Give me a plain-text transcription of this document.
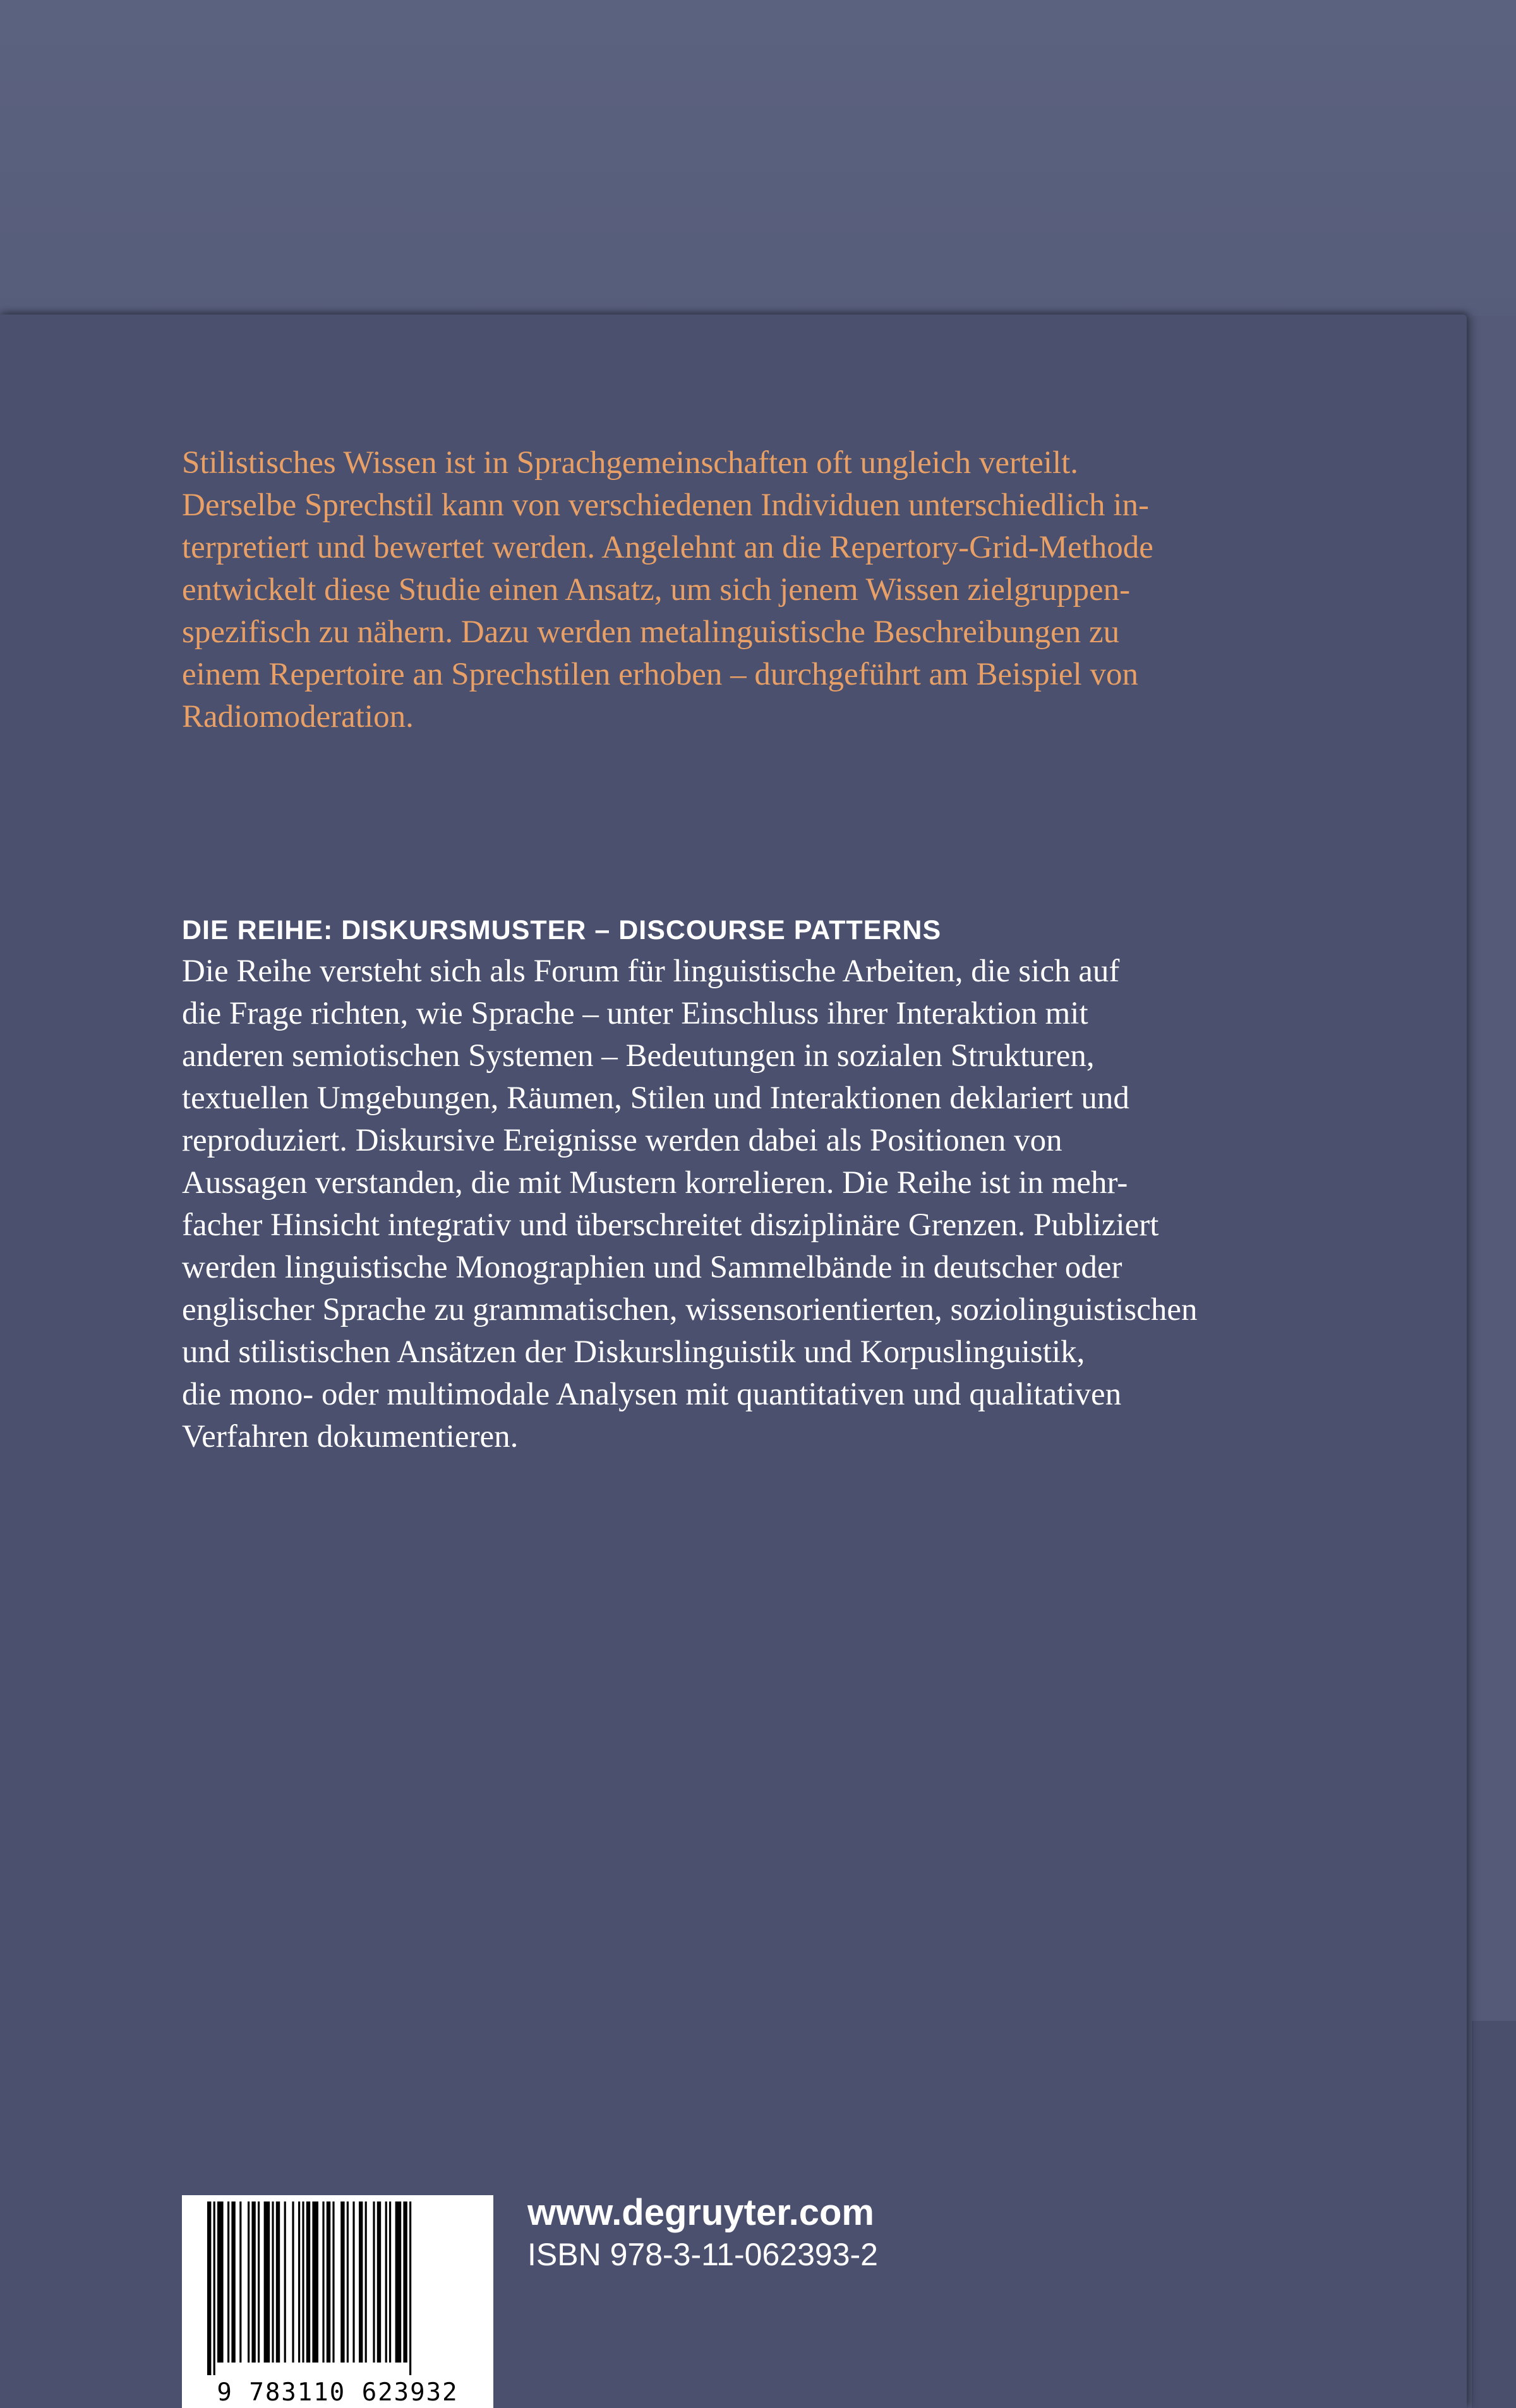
Stilistisches Wissen ist in Sprachgemeinschaften oft ungleich verteilt.
Derselbe Sprechstil kann von verschiedenen Individuen unterschiedlich in-
terpretiert und bewertet werden. Angelehnt an die Repertory-Grid-Methode
entwickelt diese Studie einen Ansatz, um sich jenem Wissen zielgruppen-
spezifisch zu nähern. Dazu werden metalinguistische Beschreibungen zu
einem Repertoire an Sprechstilen erhoben – durchgeführt am Beispiel von
Radiomoderation.

DIE REIHE: DISKURSMUSTER – DISCOURSE PATTERNS

Die Reihe versteht sich als Forum für linguistische Arbeiten, die sich auf
die Frage richten, wie Sprache – unter Einschluss ihrer Interaktion mit
anderen semiotischen Systemen – Bedeutungen in sozialen Strukturen,
textuellen Umgebungen, Räumen, Stilen und Interaktionen deklariert und
reproduziert. Diskursive Ereignisse werden dabei als Positionen von
Aussagen verstanden, die mit Mustern korrelieren. Die Reihe ist in mehr-
facher Hinsicht integrativ und überschreitet disziplinäre Grenzen. Publiziert
werden linguistische Monographien und Sammelbände in deutscher oder
englischer Sprache zu grammatischen, wissensorientierten, soziolinguistischen
und stilistischen Ansätzen der Diskurslinguistik und Korpuslinguistik,
die mono- oder multimodale Analysen mit quantitativen und qualitativen
Verfahren dokumentieren.

9 783110 623932
www.degruyter.com
ISBN 978-3-11-062393-2
